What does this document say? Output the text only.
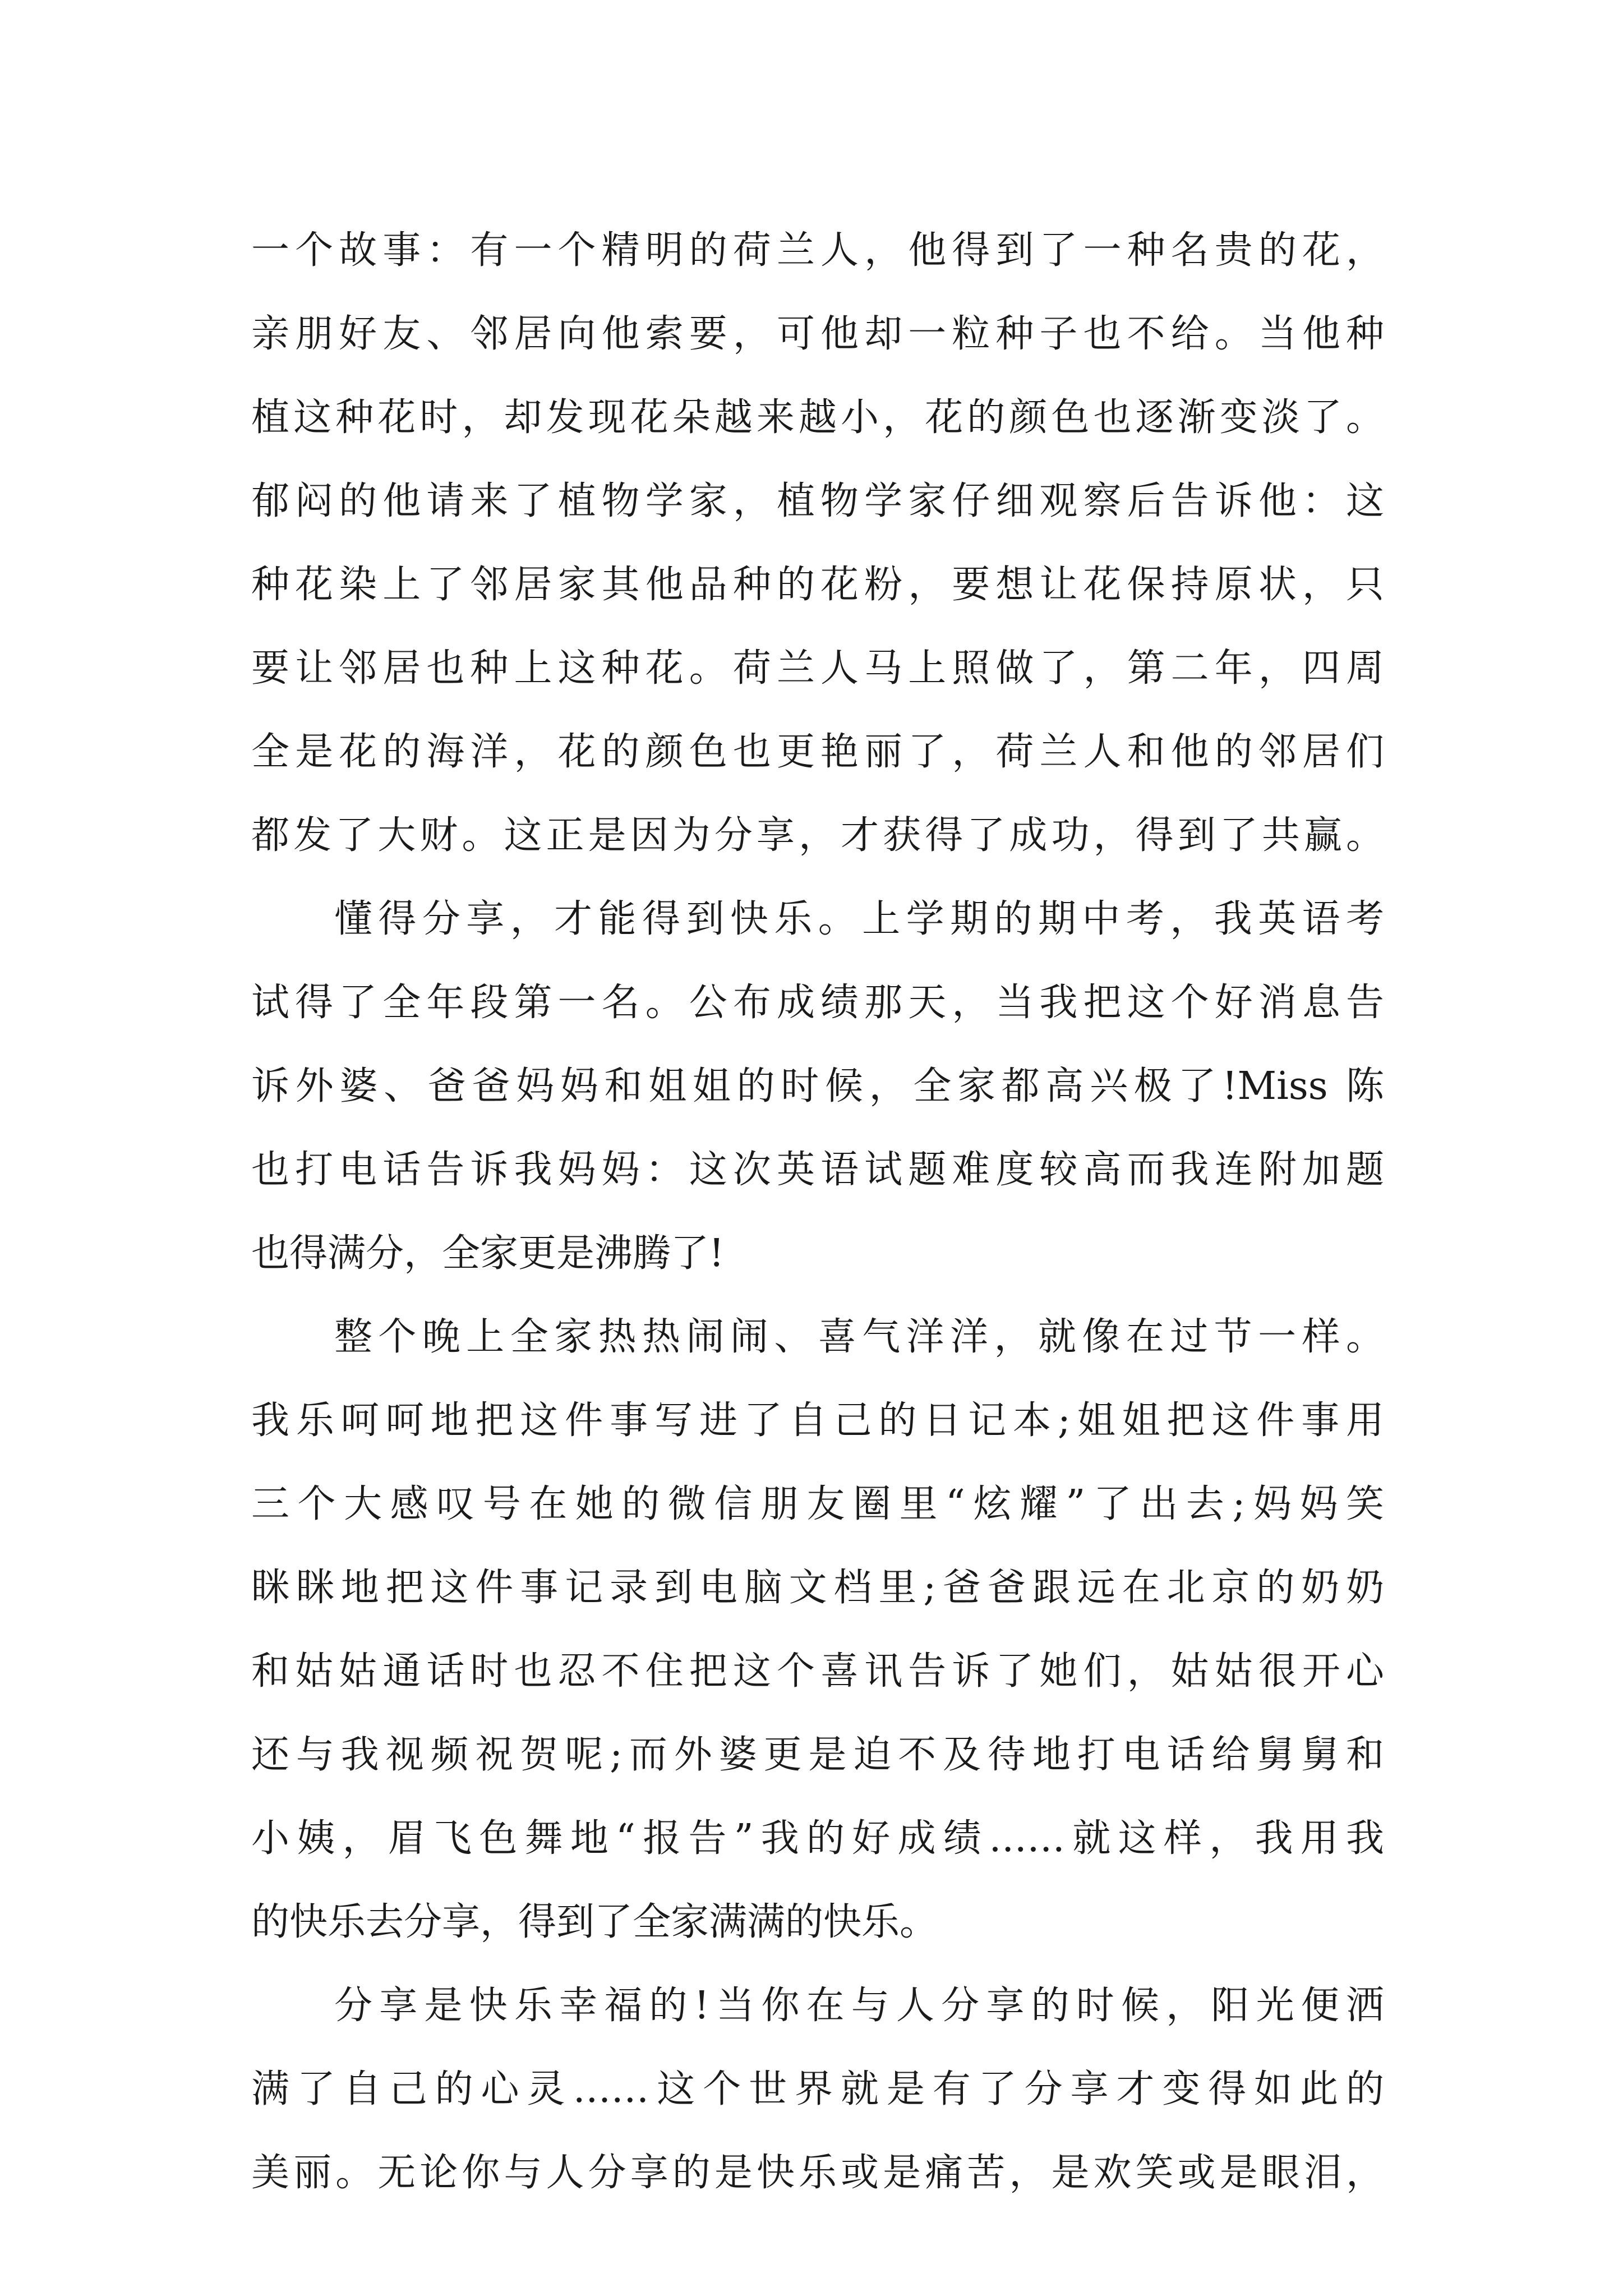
一个故事：有一个精明的荷兰人，他得到了一种名贵的花，
亲朋好友、邻居向他索要，可他却一粒种子也不给。当他种
植这种花时，却发现花朵越来越小，花的颜色也逐渐变淡了。
郁闷的他请来了植物学家，植物学家仔细观察后告诉他：这
种花染上了邻居家其他品种的花粉，要想让花保持原状，只
要让邻居也种上这种花。荷兰人马上照做了，第二年，四周
全是花的海洋，花的颜色也更艳丽了，荷兰人和他的邻居们
都发了大财。这正是因为分享，才获得了成功，得到了共赢。
懂得分享，才能得到快乐。上学期的期中考，我英语考
试得了全年段第一名。公布成绩那天，当我把这个好消息告
诉外婆、爸爸妈妈和姐姐的时候，全家都高兴极了!Miss 陈
也打电话告诉我妈妈：这次英语试题难度较高而我连附加题
也得满分，全家更是沸腾了!
整个晚上全家热热闹闹、喜气洋洋，就像在过节一样。
我乐呵呵地把这件事写进了自己的日记本;姐姐把这件事用
三个大感叹号在她的微信朋友圈里“炫耀”了出去;妈妈笑
眯眯地把这件事记录到电脑文档里;爸爸跟远在北京的奶奶
和姑姑通话时也忍不住把这个喜讯告诉了她们，姑姑很开心
还与我视频祝贺呢;而外婆更是迫不及待地打电话给舅舅和
小姨，眉飞色舞地“报告”我的好成绩……就这样，我用我
的快乐去分享，得到了全家满满的快乐。
分享是快乐幸福的!当你在与人分享的时候，阳光便洒
满了自己的心灵……这个世界就是有了分享才变得如此的
美丽。无论你与人分享的是快乐或是痛苦，是欢笑或是眼泪，
